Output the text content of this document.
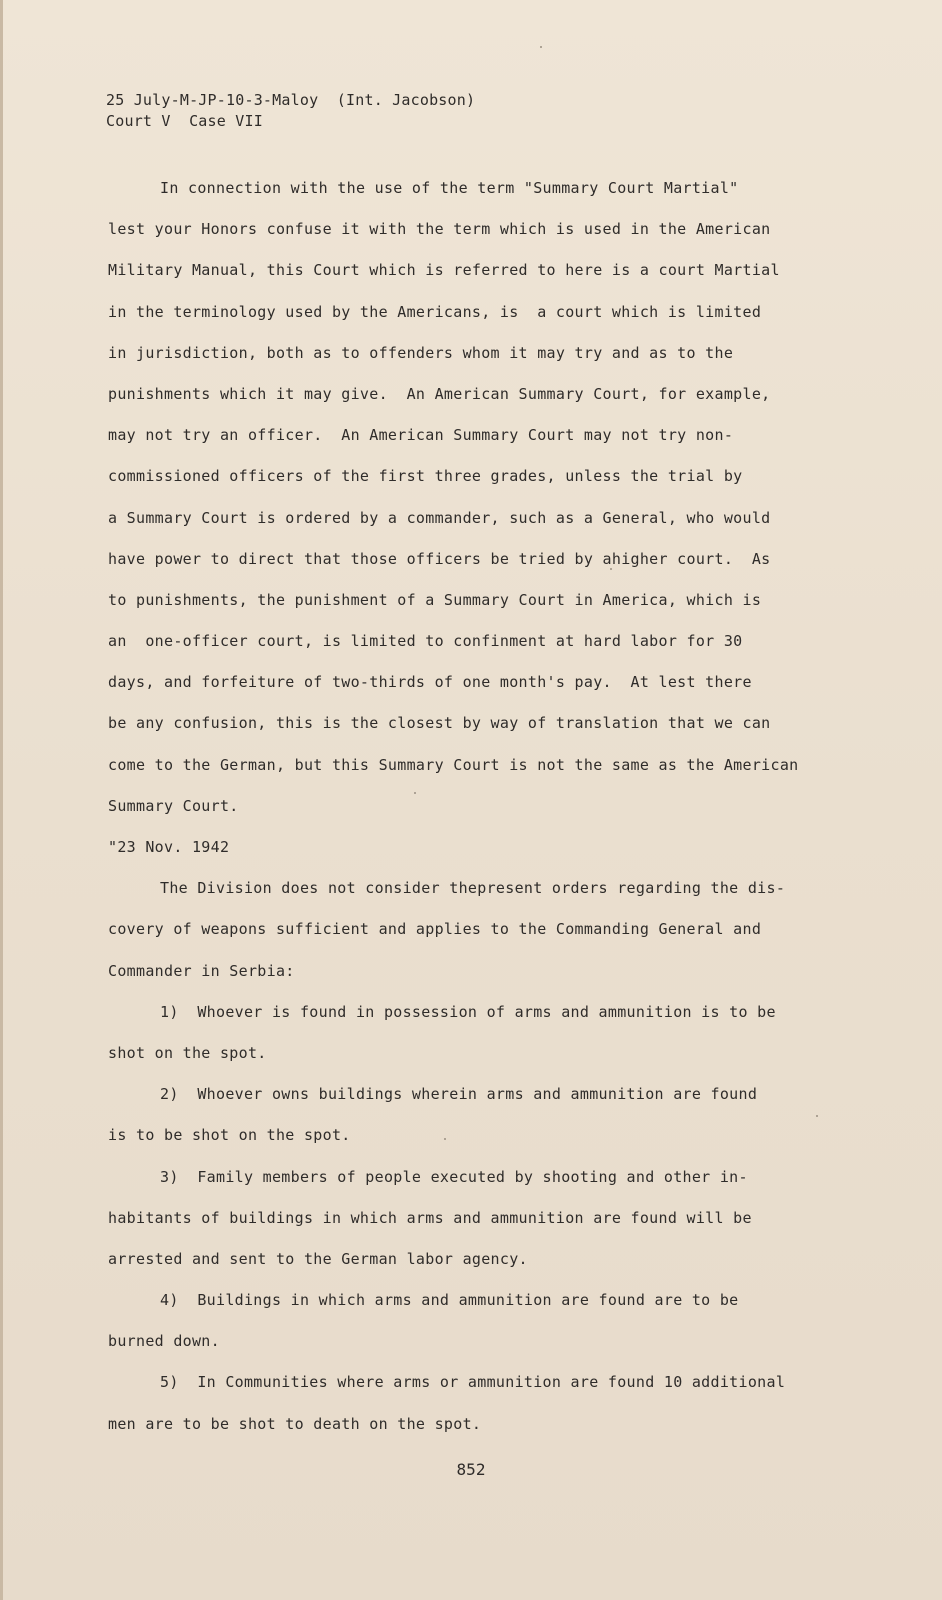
25 July-M-JP-10-3-Maloy  (Int. Jacobson)
Court V  Case VII
In connection with the use of the term "Summary Court Martial"
lest your Honors confuse it with the term which is used in the American
Military Manual, this Court which is referred to here is a court Martial
in the terminology used by the Americans, is  a court which is limited
in jurisdiction, both as to offenders whom it may try and as to the
punishments which it may give.  An American Summary Court, for example,
may not try an officer.  An American Summary Court may not try non-
commissioned officers of the first three grades, unless the trial by
a Summary Court is ordered by a commander, such as a General, who would
have power to direct that those officers be tried by ahigher court.  As
to punishments, the punishment of a Summary Court in America, which is
an  one-officer court, is limited to confinment at hard labor for 30
days, and forfeiture of two-thirds of one month's pay.  At lest there
be any confusion, this is the closest by way of translation that we can
come to the German, but this Summary Court is not the same as the American
Summary Court.
"23 Nov. 1942
The Division does not consider thepresent orders regarding the dis-
covery of weapons sufficient and applies to the Commanding General and
Commander in Serbia:
1)  Whoever is found in possession of arms and ammunition is to be
shot on the spot.
2)  Whoever owns buildings wherein arms and ammunition are found
is to be shot on the spot.
3)  Family members of people executed by shooting and other in-
habitants of buildings in which arms and ammunition are found will be
arrested and sent to the German labor agency.
4)  Buildings in which arms and ammunition are found are to be
burned down.
5)  In Communities where arms or ammunition are found 10 additional
men are to be shot to death on the spot.
852
